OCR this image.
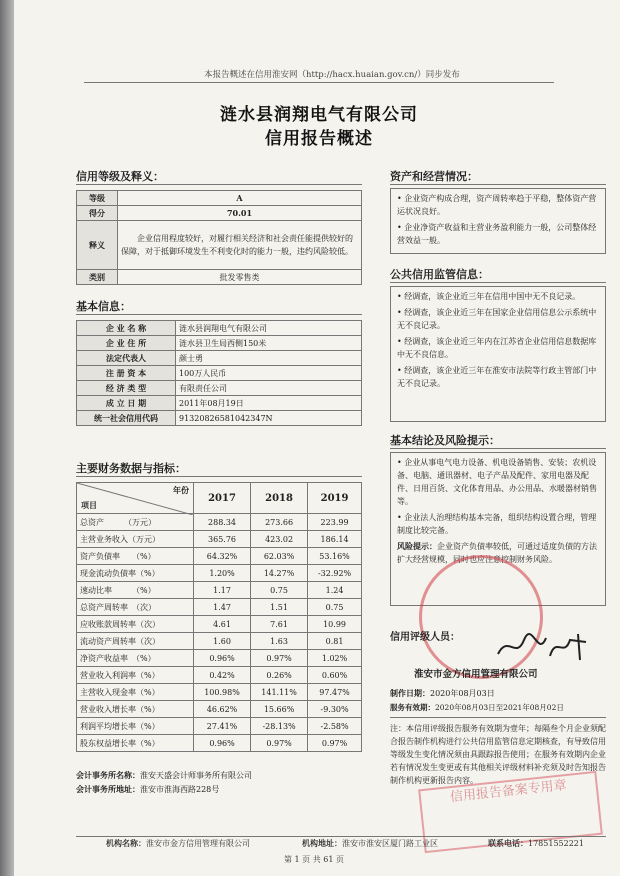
本报告概述在信用淮安网（http://hacx.huaian.gov.cn/）同步发布
涟水县润翔电气有限公司
信用报告概述
信用等级及释义：
等级	A
得分	70.01
释义	企业信用程度较好，对履行相关经济和社会责任能提供较好的保障，对于抵御环境发生不利变化时的能力一般，违约风险较低。
类别	批发零售类
基本信息：
企 业 名 称	涟水县润翔电气有限公司
企 业 住 所	涟水县卫生局西侧150米
法定代表人	颜士勇
注 册 资 本	100万人民币
经 济 类 型	有限责任公司
成 立 日 期	2011年08月19日
统一社会信用代码	91320826581042347N
主要财务数据与指标：
年份
项目	2017	2018	2019
总资产　　　（万元）	288.34	273.66	223.99
主营业务收入（万元）	365.76	423.02	186.14
资产负债率　　（%）	64.32%	62.03%	53.16%
现金流动负债率（%）	1.20%	14.27%	-32.92%
速动比率　　　（%）	1.17	0.75	1.24
总资产周转率　（次）	1.47	1.51	0.75
应收账款周转率（次）	4.61	7.61	10.99
流动资产周转率（次）	1.60	1.63	0.81
净资产收益率　（%）	0.96%	0.97%	1.02%
营业收入利润率（%）	0.42%	0.26%	0.60%
主营收入现金率（%）	100.98%	141.11%	97.47%
营业收入增长率（%）	46.62%	15.66%	-9.30%
利润平均增长率（%）	27.41%	-28.13%	-2.58%
股东权益增长率（%）	0.96%	0.97%	0.97%
会计事务所名称：淮安天盛会计师事务所有限公司
会计事务所地址：淮安市淮海西路228号
资产和经营情况：

• 企业资产构成合理，资产周转率趋于平稳，整体资产营运状况良好。

• 企业净资产收益和主营业务盈利能力一般，公司整体经营效益一般。

公共信用监管信息：

• 经调查，该企业近三年在信用中国中无不良记录。

• 经调查，该企业近三年在国家企业信用信息公示系统中无不良记录。

• 经调查，该企业近三年内在江苏省企业信用信息数据库中无不良信息。

• 经调查，该企业近三年在淮安市法院等行政主管部门中无不良记录。

基本结论及风险提示：

• 企业从事电气电力设备、机电设备销售、安装；农机设备、电脑、通讯器材、电子产品及配件、家用电器及配件、日用百货、文化体育用品、办公用品、水暖器材销售等。

• 企业法人治理结构基本完备，组织结构设置合理，管理制度比较完备。

风险提示：企业资产负债率较低，可通过适度负债的方法扩大经营规模，同时也应注意控制财务风险。

信用评级人员：
淮安市金方信用管理有限公司
制作日期：2020年08月03日
服务有效期：2020年08月03日至2021年08月02日
注：本信用评级报告服务有效期为壹年；每隔叁个月企业须配合报告制作机构进行公共信用监管信息定期核查，有导致信用等级发生变化情况须由具跟踪报告使用；在服务有效期内企业若有情况发生变更或有其他相关评级材料补充须及时告知报告制作机构更新报告内容。
信用报告备案专用章
机构名称：淮安市金方信用管理有限公司	机构地址：淮安市淮安区厦门路工业区	联系电话：17851552221
第 1 页 共 61 页
